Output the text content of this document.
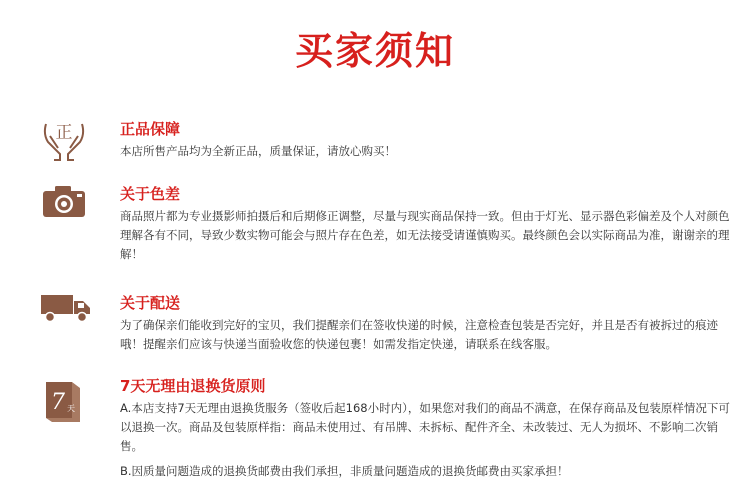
买家须知
正	正品保障
本店所售产品均为全新正品，质量保证，请放心购买！
关于色差
商品照片都为专业摄影师拍摄后和后期修正调整，尽量与现实商品保持一致。但由于灯光、显示器色彩偏差及个人对颜色理解各有不同，导致少数实物可能会与照片存在色差，如无法接受请谨慎购买。最终颜色会以实际商品为准，谢谢亲的理解！
关于配送
为了确保亲们能收到完好的宝贝，我们提醒亲们在签收快递的时候，注意检查包装是否完好，并且是否有被拆过的痕迹哦！提醒亲们应该与快递当面验收您的快递包裹！如需发指定快递，请联系在线客服。
7 天
7天无理由退换货原则
A.本店支持7天无理由退换货服务（签收后起168小时内），如果您对我们的商品不满意，在保存商品及包装原样情况下可以退换一次。商品及包装原样指：商品未使用过、有吊牌、未拆标、配件齐全、未改装过、无人为损坏、不影响二次销售。
B.因质量问题造成的退换货邮费由我们承担，非质量问题造成的退换货邮费由买家承担！
